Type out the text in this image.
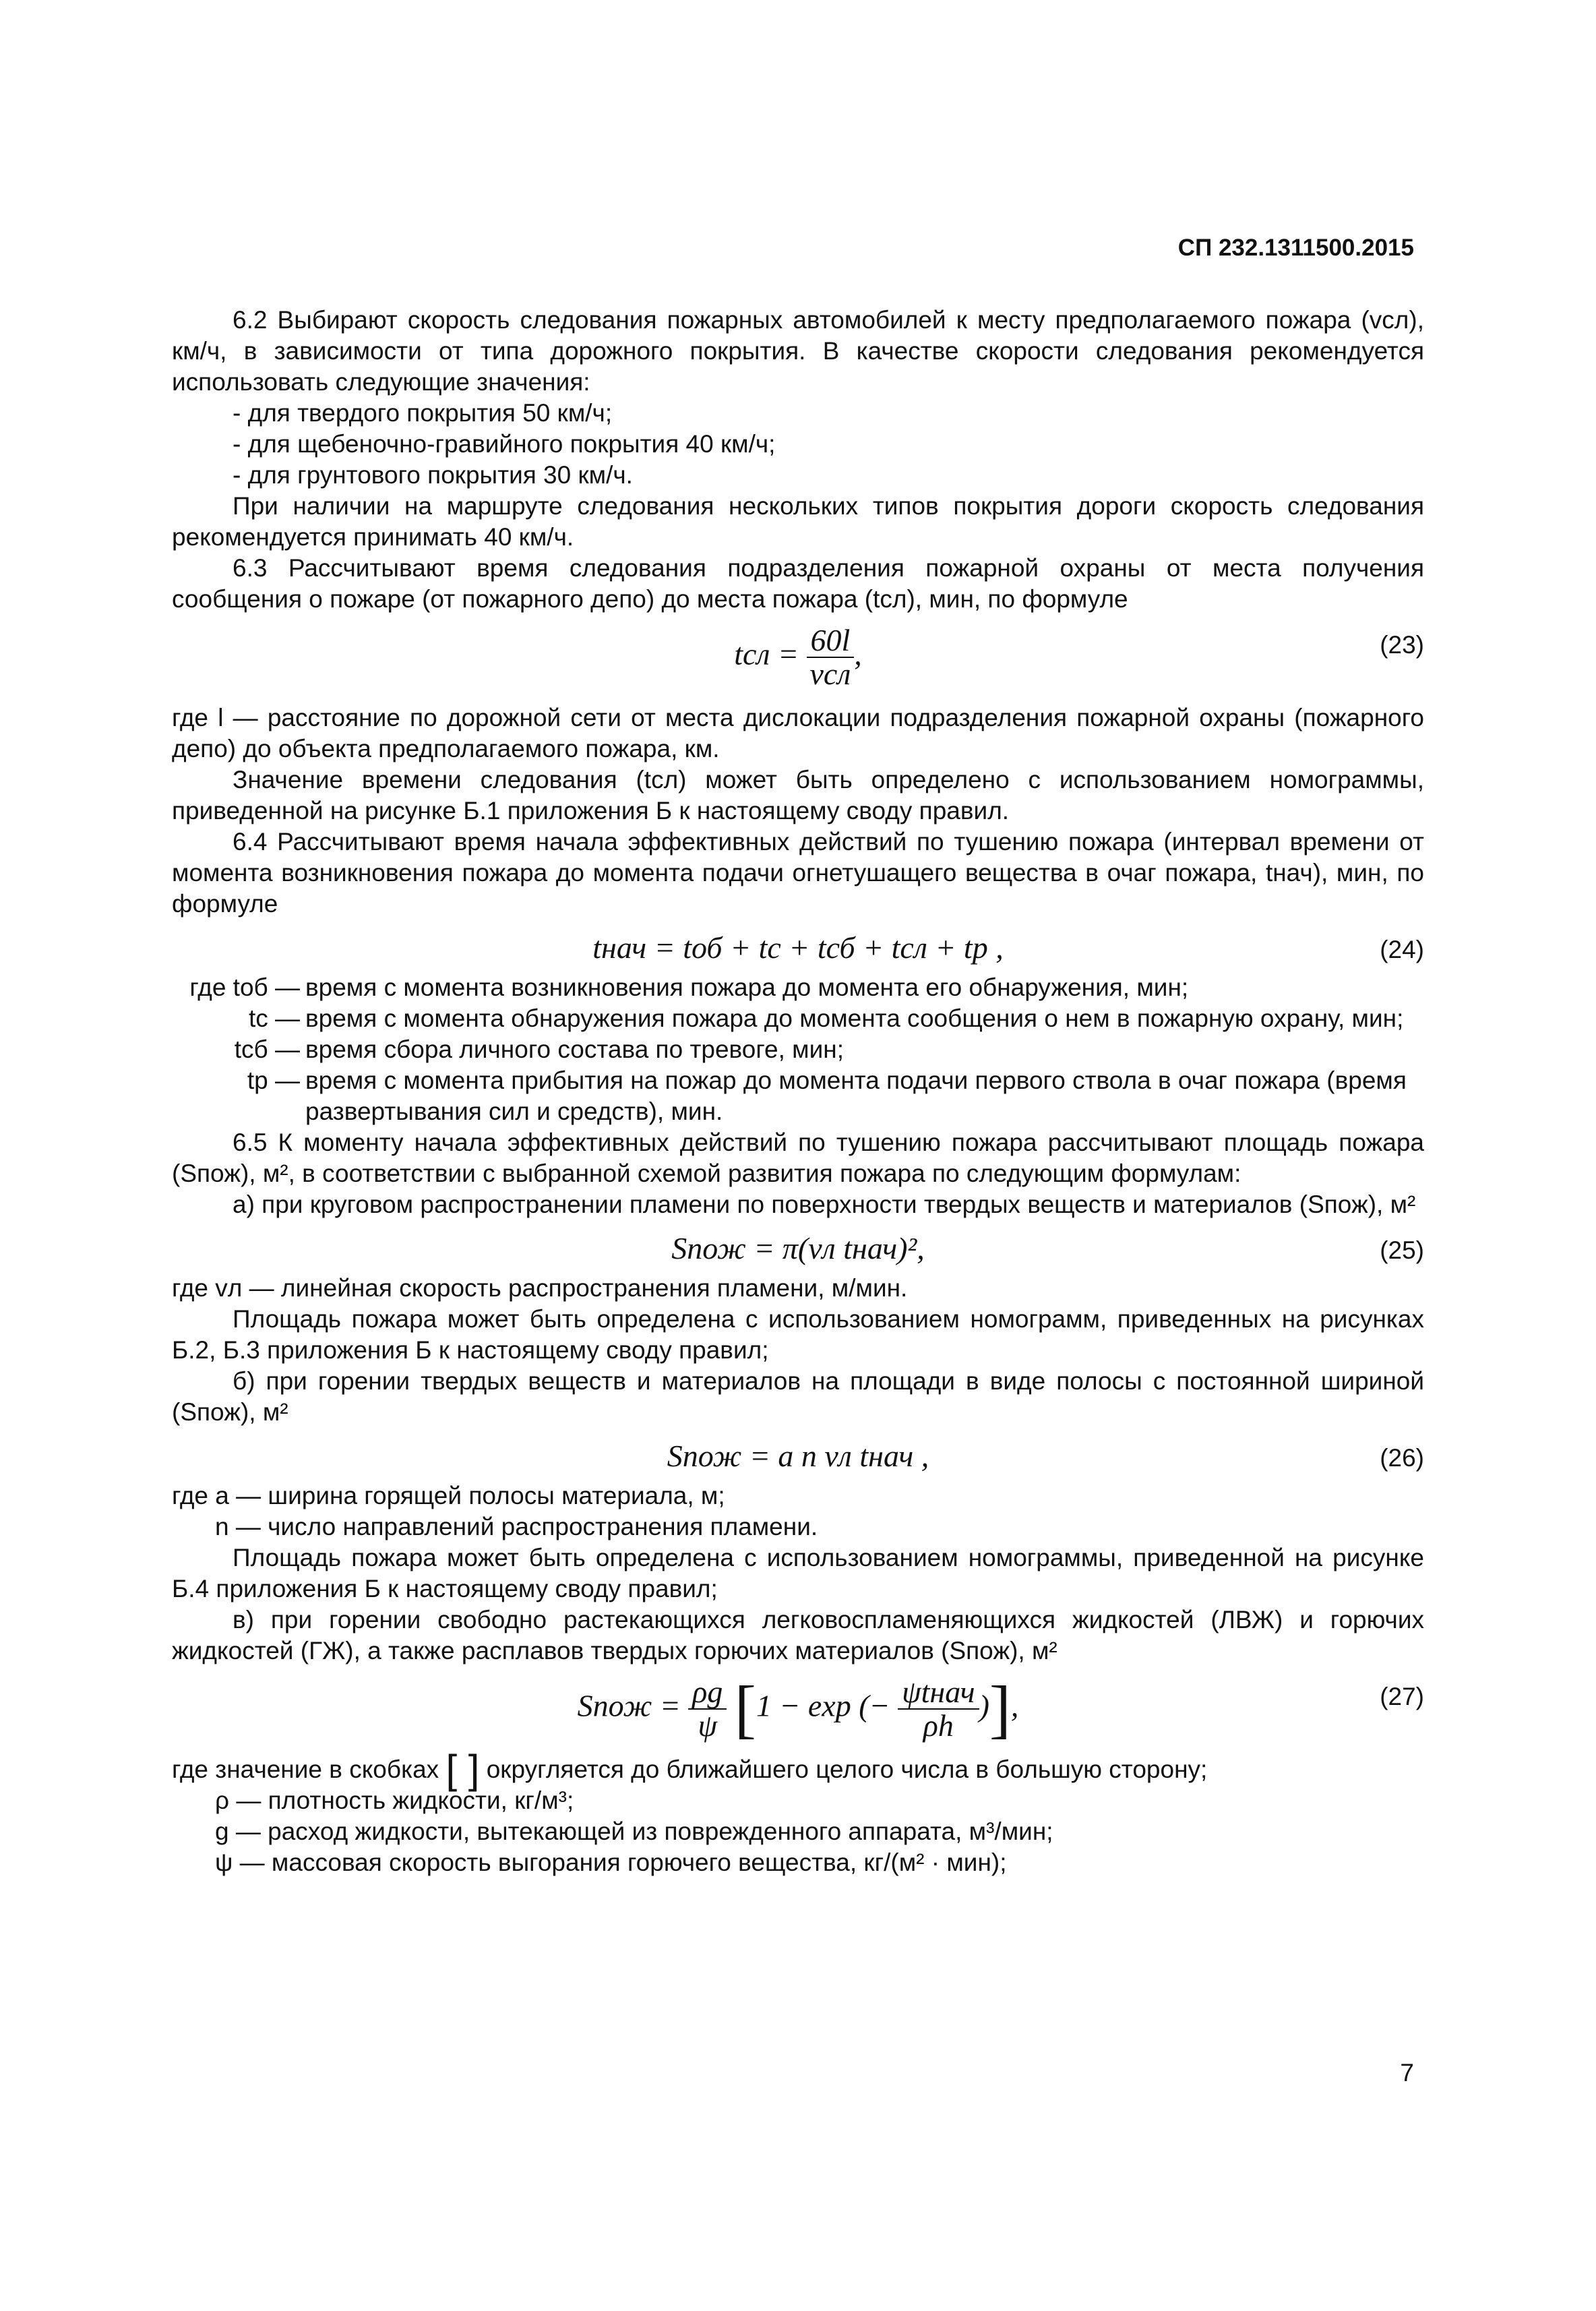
СП 232.1311500.2015

6.2 Выбирают скорость следования пожарных автомобилей к месту предполагаемого пожара (vсл), км/ч, в зависимости от типа дорожного покрытия. В качестве скорости следования рекомендуется использовать следующие значения:

- для твердого покрытия 50 км/ч;

- для щебеночно-гравийного покрытия 40 км/ч;

- для грунтового покрытия 30 км/ч.

При наличии на маршруте следования нескольких типов покрытия дороги скорость следования рекомендуется принимать 40 км/ч.

6.3 Рассчитывают время следования подразделения пожарной охраны от места получения сообщения о пожаре (от пожарного депо) до места пожара (tсл), мин, по формуле

tсл = $\frac{60l}{\text{vсл}}$ ,	(23)

где l — расстояние по дорожной сети от места дислокации подразделения пожарной охраны (пожарного депо) до объекта предполагаемого пожара, км.

Значение времени следования (tсл) может быть определено с использованием номограммы, приведенной на рисунке Б.1 приложения Б к настоящему своду правил.

6.4 Рассчитывают время начала эффективных действий по тушению пожара (интервал времени от момента возникновения пожара до момента подачи огнетушащего вещества в очаг пожара, tнач), мин, по формуле

tнач = tоб + tс + tсб + tсл + tр ,	(24)
где tоб — время с момента возникновения пожара до момента его обнаружения, мин;
tс — время с момента обнаружения пожара до момента сообщения о нем в пожарную охрану, мин;
tсб — время сбора личного состава по тревоге, мин;
tр — время с момента прибытия на пожар до момента подачи первого ствола в очаг пожара (время развертывания сил и средств), мин.

6.5 К моменту начала эффективных действий по тушению пожара рассчитывают площадь пожара (Sпож), м², в соответствии с выбранной схемой развития пожара по следующим формулам:

а) при круговом распространении пламени по поверхности твердых веществ и материалов (Sпож), м²

Sпож = π(vл tнач)²,	(25)

где vл — линейная скорость распространения пламени, м/мин.

Площадь пожара может быть определена с использованием номограмм, приведенных на рисунках Б.2, Б.3 приложения Б к настоящему своду правил;

б) при горении твердых веществ и материалов на площади в виде полосы с постоянной шириной (Sпож), м²

Sпож = a n vл tнач ,	(26)

где a — ширина горящей полосы материала, м;

n — число направлений распространения пламени.

Площадь пожара может быть определена с использованием номограммы, приведенной на рисунке Б.4 приложения Б к настоящему своду правил;

в) при горении свободно растекающихся легковоспламеняющихся жидкостей (ЛВЖ) и горючих жидкостей (ГЖ), а также расплавов твердых горючих материалов (Sпож), м²

Sпож = $\frac{\rho g}{\psi} [1 - \exp$ (− $\frac{\text{ψtнач}}{\rho h}$ )],	(27)

где значение в скобках [ ] округляется до ближайшего целого числа в большую сторону;

ρ — плотность жидкости, кг/м³;

g — расход жидкости, вытекающей из поврежденного аппарата, м³/мин;

ψ — массовая скорость выгорания горючего вещества, кг/(м² · мин);

7
